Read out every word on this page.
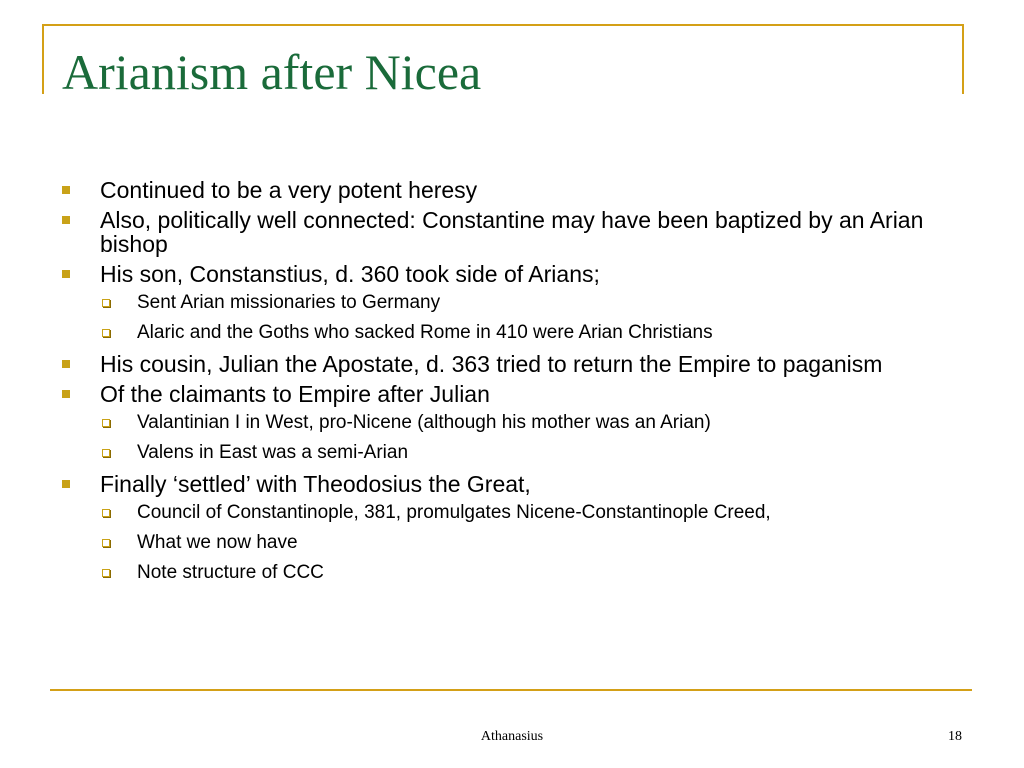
Arianism after Nicea
Continued to be a very potent heresy
Also, politically well connected: Constantine may have been baptized by an Arian bishop
His son, Constanstius, d. 360 took side of Arians;
Sent Arian missionaries to Germany
Alaric and the Goths who sacked Rome in 410 were Arian Christians
His cousin, Julian the Apostate, d. 363 tried to return the Empire to paganism
Of the claimants to Empire after Julian
Valantinian I in West, pro-Nicene (although his mother was an Arian)
Valens in East was a semi-Arian
Finally ‘settled’ with Theodosius the Great,
Council of Constantinople, 381, promulgates Nicene-Constantinople Creed,
What we now have
Note structure of CCC
Athanasius	18
